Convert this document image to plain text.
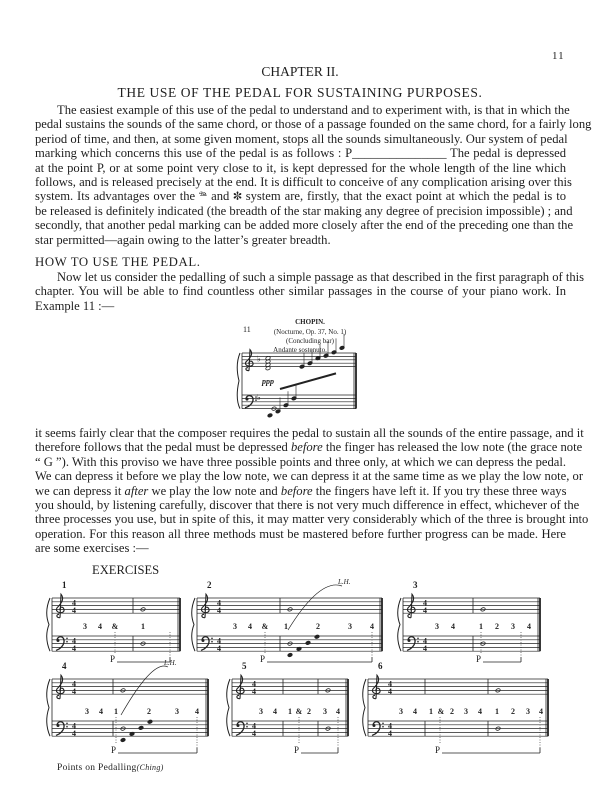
11
CHAPTER II.
THE USE OF THE PEDAL FOR SUSTAINING PURPOSES.
The easiest example of this use of the pedal to understand and to experiment with, is that in which the
pedal sustains the sounds of the same chord, or those of a passage founded on the same chord, for a fairly long
period of time, and then, at some given moment, stops all the sounds simultaneously. Our system of pedal
marking which concerns this use of the pedal is as follows : P_______________ The pedal is depressed
at the point P, or at some point very close to it, is kept depressed for the whole length of the line which
follows, and is released precisely at the end. It is difficult to conceive of any complication arising over this
system. Its advantages over the 𝆮 and ✽ system are, firstly, that the exact point at which the pedal is to
be released is definitely indicated (the breadth of the star making any degree of precision impossible) ; and
secondly, that another pedal marking can be added more closely after the end of the preceding one than the
star permitted—again owing to the latter’s greater breadth.
HOW TO USE THE PEDAL.
Now let us consider the pedalling of such a simple passage as that described in the first paragraph of this
chapter. You will be able to find countless other similar passages in the course of your piano work. In
Example 11 :—
11
CHOPIN.
(Nocturne, Op. 37, No. 1)
(Concluding bar)
Andante sostenuto.
ppp
♭
♭
it seems fairly clear that the composer requires the pedal to sustain all the sounds of the entire passage, and it
therefore follows that the pedal must be depressed before the finger has released the low note (the grace note
“ G ”). With this proviso we have three possible points and three only, at which we can depress the pedal.
We can depress it before we play the low note, we can depress it at the same time as we play the low note, or
we can depress it after we play the low note and before the fingers have left it. If you try these three ways
you should, by listening carefully, discover that there is not very much difference in effect, whichever of the
three processes you use, but in spite of this, it may matter very considerably which of the three is brought into
operation. For this reason all three methods must be mastered before further progress can be made. Here
are some exercises :—
EXERCISES
1
4
4
4
4
3 4 &	1
P
2
4
4
4
4
3 4 & 1	2	3 4
L.H.
P
3
4
4
4
4
3 4	1 2 3 4
P
4
4
4
4
4
3 4 1	2	3 4
L.H.
P
5
4
4
4
4
3 4 1 & 2 3 4
P
6
4
4
4
4
3 4 1 & 2 3 4 1 2 3 4
P
Points on Pedalling(Ching)
